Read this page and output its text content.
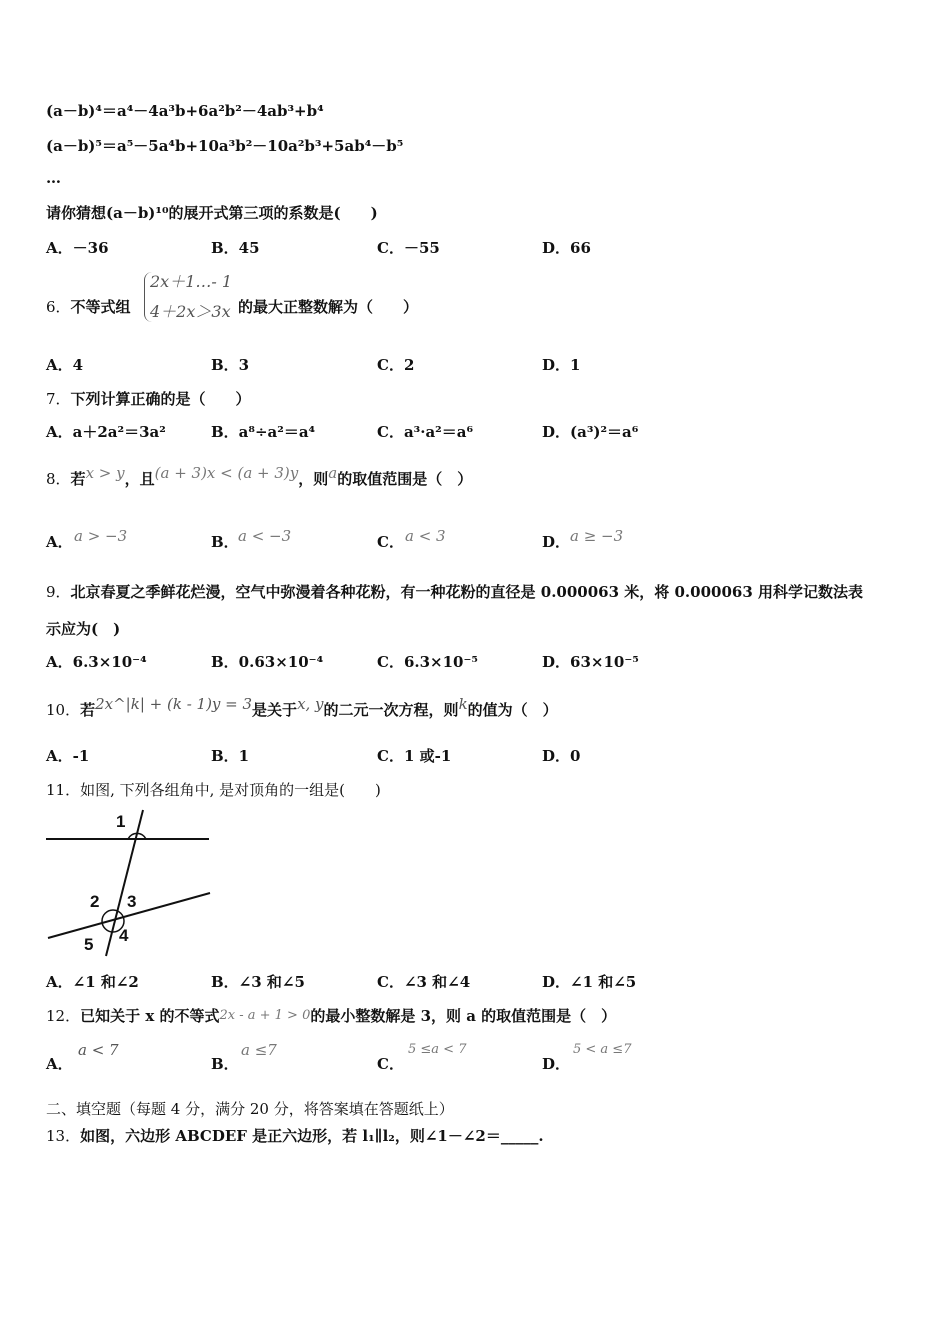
(a－b)⁴＝a⁴－4a³b+6a²b²－4ab³+b⁴
(a－b)⁵＝a⁵－5a⁴b+10a³b²－10a²b³+5ab⁴－b⁵
…
请你猜想(a－b)¹⁰的展开式第三项的系数是(　　)
A．－36	B．45	C．－55	D．66
6．不等式组
2x＋1…- 1
4＋2x＞3x 的最大正整数解为（　　）
A．4	B．3	C．2	D．1
7．下列计算正确的是（　　）
A．a＋2a²＝3a²	B．a⁸÷a²＝a⁴	C．a³·a²＝a⁶	D．(a³)²＝a⁶
8．若x > y，且(a + 3)x < (a + 3)y，则a的取值范围是（　）
A． a > −3	B． a < −3	C． a < 3	D． a ≥ −3
9．北京春夏之季鲜花烂漫，空气中弥漫着各种花粉，有一种花粉的直径是 0.000063 米，将 0.000063 用科学记数法表
示应为(　)
A．6.3×10⁻⁴	B．0.63×10⁻⁴	C．6.3×10⁻⁵	D．63×10⁻⁵
10．若2x^|k| + (k - 1)y = 3是关于x, y的二元一次方程，则k的值为（　）
A．-1	B．1	C．1 或-1	D．0
11．如图, 下列各组角中, 是对顶角的一组是(　　)
1
2 3
5 4
A．∠1 和∠2	B．∠3 和∠5	C．∠3 和∠4	D．∠1 和∠5
12．已知关于 x 的不等式2x - a + 1 > 0的最小整数解是 3，则 a 的取值范围是（　）
A．
a < 7
B．
a ≤7
C．
5 ≤a < 7
D．
5 < a ≤7
二、填空题（每题 4 分，满分 20 分，将答案填在答题纸上）
13．如图，六边形 ABCDEF 是正六边形，若 l₁∥l₂，则∠1－∠2＝_____.
